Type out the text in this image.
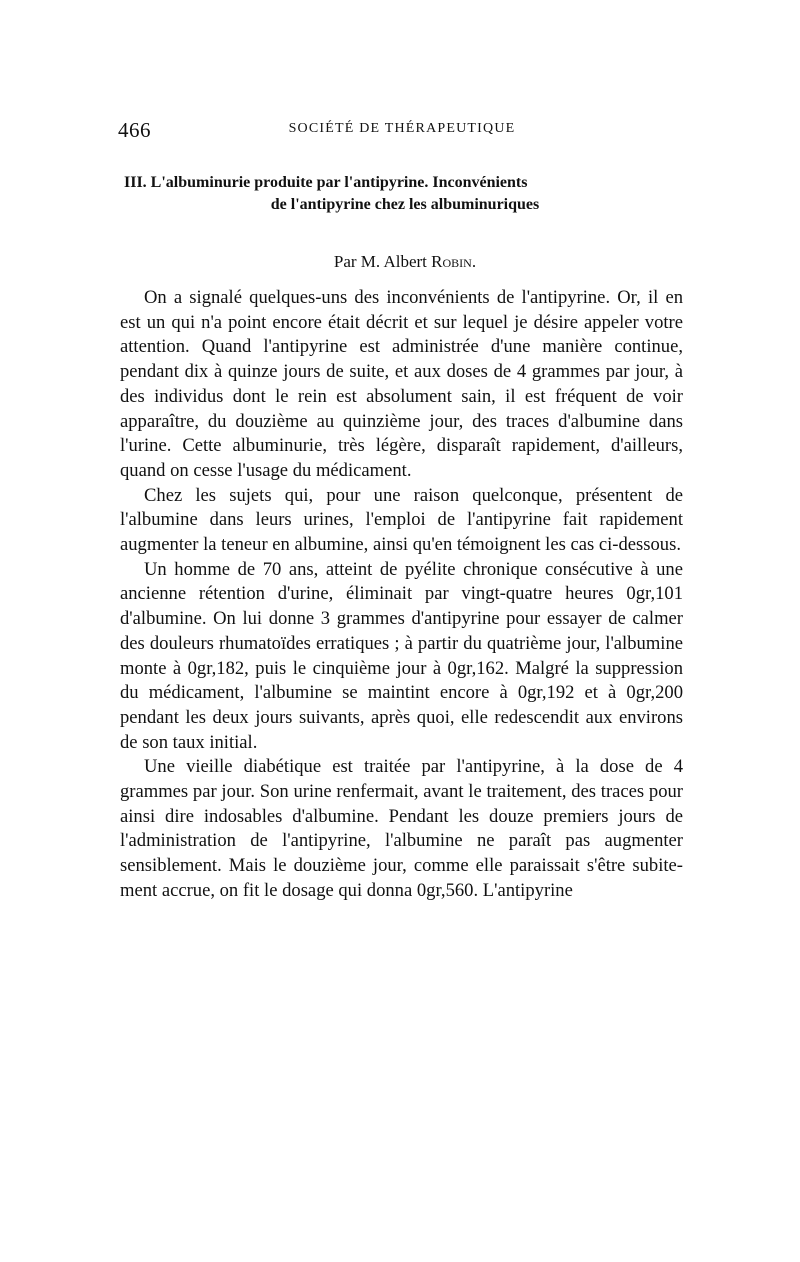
466	SOCIÉTÉ DE THÉRAPEUTIQUE
III. L'albuminurie produite par l'antipyrine. Inconvénients
de l'antipyrine chez les albuminuriques
Par M. Albert Robin.

On a signalé quelques-uns des inconvénients de l'antipyrine. Or, il en est un qui n'a point encore était décrit et sur lequel je désire appeler votre attention. Quand l'antipyrine est administrée d'une manière continue, pendant dix à quinze jours de suite, et aux doses de 4 grammes par jour, à des individus dont le rein est absolument sain, il est fréquent de voir apparaître, du douzième au quinzième jour, des traces d'albumine dans l'urine. Cette albuminurie, très légère, disparaît rapidement, d'ailleurs, quand on cesse l'usage du médicament.

Chez les sujets qui, pour une raison quelconque, présentent de l'albumine dans leurs urines, l'emploi de l'antipyrine fait rapidement augmenter la teneur en albumine, ainsi qu'en témoignent les cas ci-dessous.

Un homme de 70 ans, atteint de pyélite chronique consécutive à une ancienne rétention d'urine, éliminait par vingt-quatre heures 0gr,101 d'albumine. On lui donne 3 grammes d'antipyrine pour essayer de calmer des douleurs rhumatoïdes erratiques ; à partir du quatrième jour, l'albumine monte à 0gr,182, puis le cinquième jour à 0gr,162. Malgré la suppression du médicament, l'albumine se maintint encore à 0gr,192 et à 0gr,200 pendant les deux jours suivants, après quoi, elle redescendit aux environs de son taux initial.

Une vieille diabétique est traitée par l'antipyrine, à la dose de 4 grammes par jour. Son urine renfermait, avant le traitement, des traces pour ainsi dire indosables d'albumine. Pendant les douze premiers jours de l'administration de l'antipyrine, l'albumine ne paraît pas augmenter sensiblement. Mais le douzième jour, comme elle paraissait s'être subitement accrue, on fit le dosage qui donna 0gr,560. L'antipyrine
